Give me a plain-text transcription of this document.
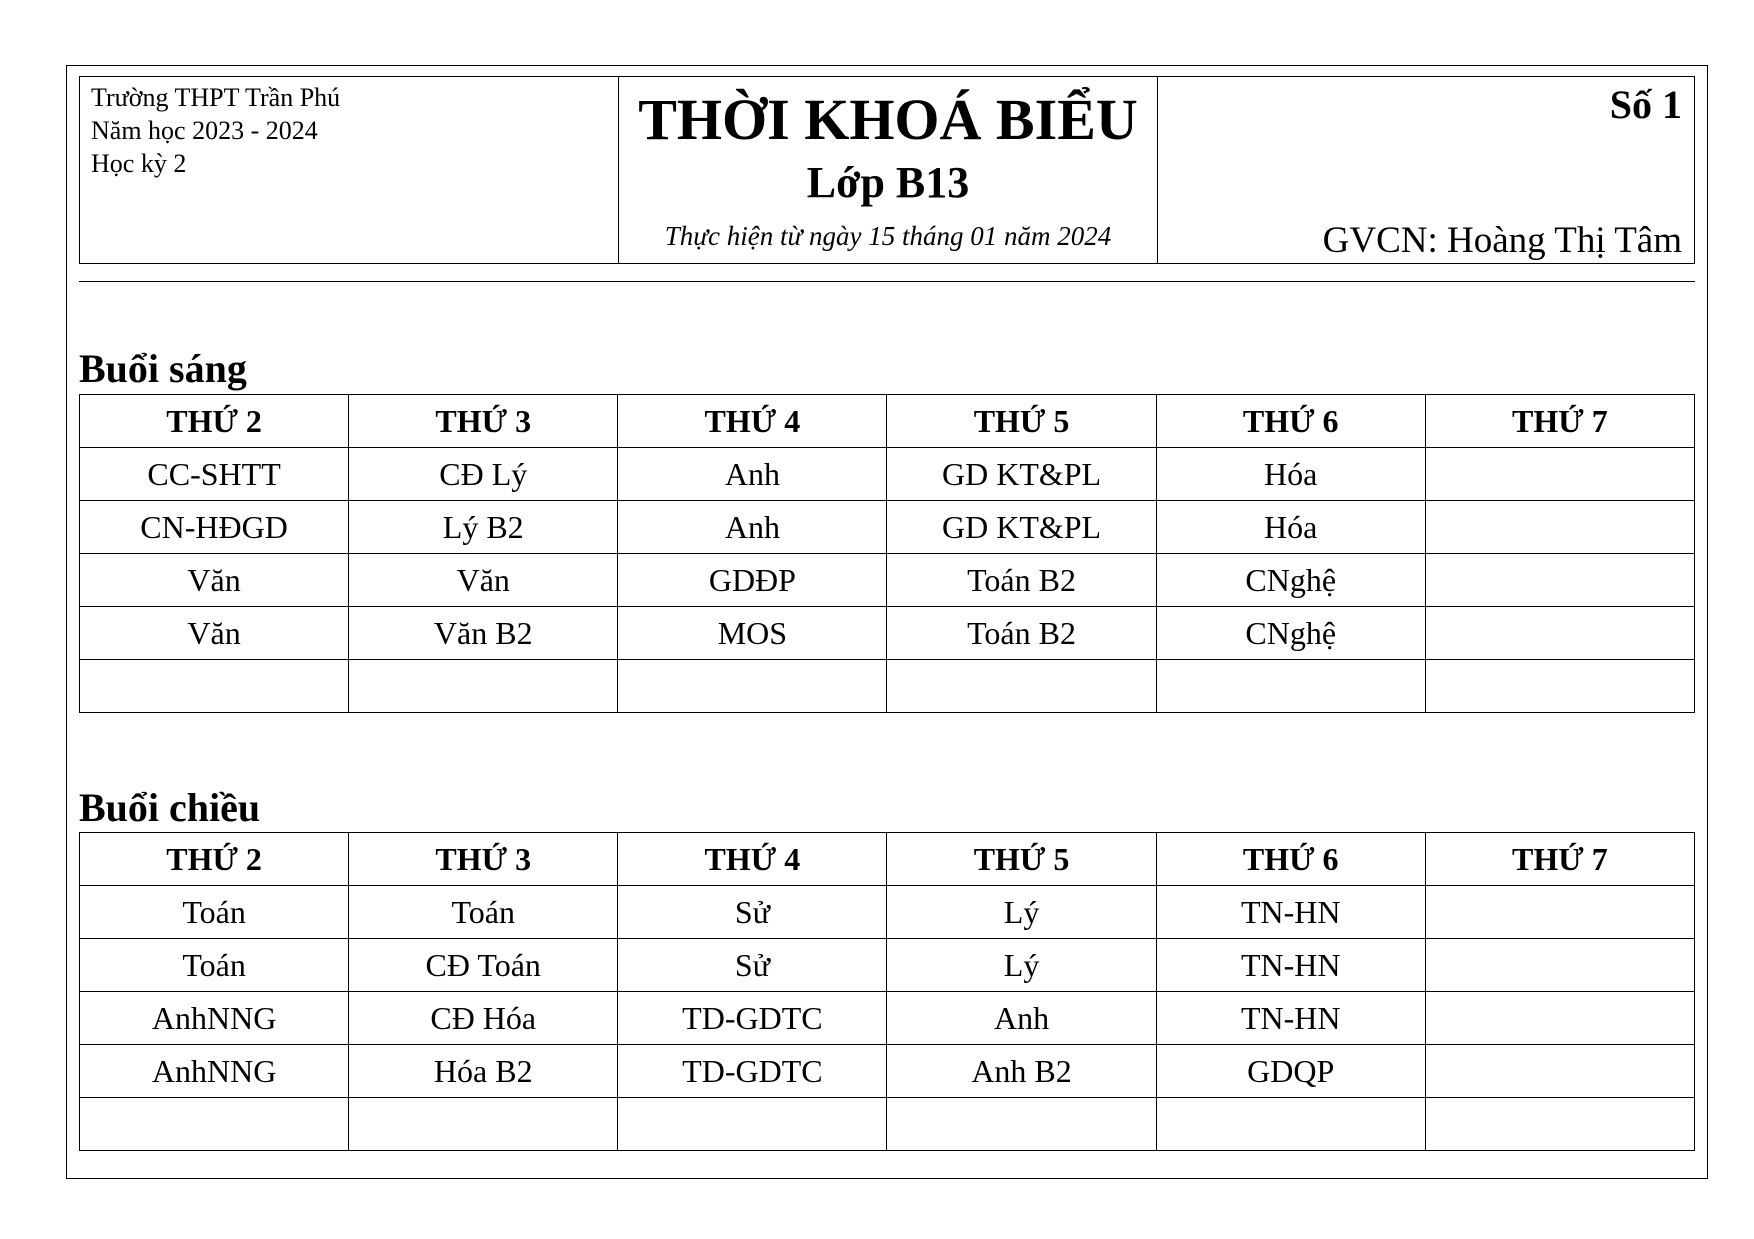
Trường THPT Trần Phú
Năm học 2023 - 2024
Học kỳ 2
THỜI KHOÁ BIỂU
Lớp B13
Thực hiện từ ngày 15 tháng 01 năm 2024
Số 1
GVCN: Hoàng Thị Tâm
Buổi sáng
THỨ 2	THỨ 3	THỨ 4	THỨ 5	THỨ 6	THỨ 7
CC-SHTT	CĐ Lý	Anh	GD KT&PL	Hóa	
CN-HĐGD	Lý B2	Anh	GD KT&PL	Hóa	
Văn	Văn	GDĐP	Toán B2	CNghệ	
Văn	Văn B2	MOS	Toán B2	CNghệ	

Buổi chiều
THỨ 2	THỨ 3	THỨ 4	THỨ 5	THỨ 6	THỨ 7
Toán	Toán	Sử	Lý	TN-HN	
Toán	CĐ Toán	Sử	Lý	TN-HN	
AnhNNG	CĐ Hóa	TD-GDTC	Anh	TN-HN	
AnhNNG	Hóa B2	TD-GDTC	Anh B2	GDQP	
